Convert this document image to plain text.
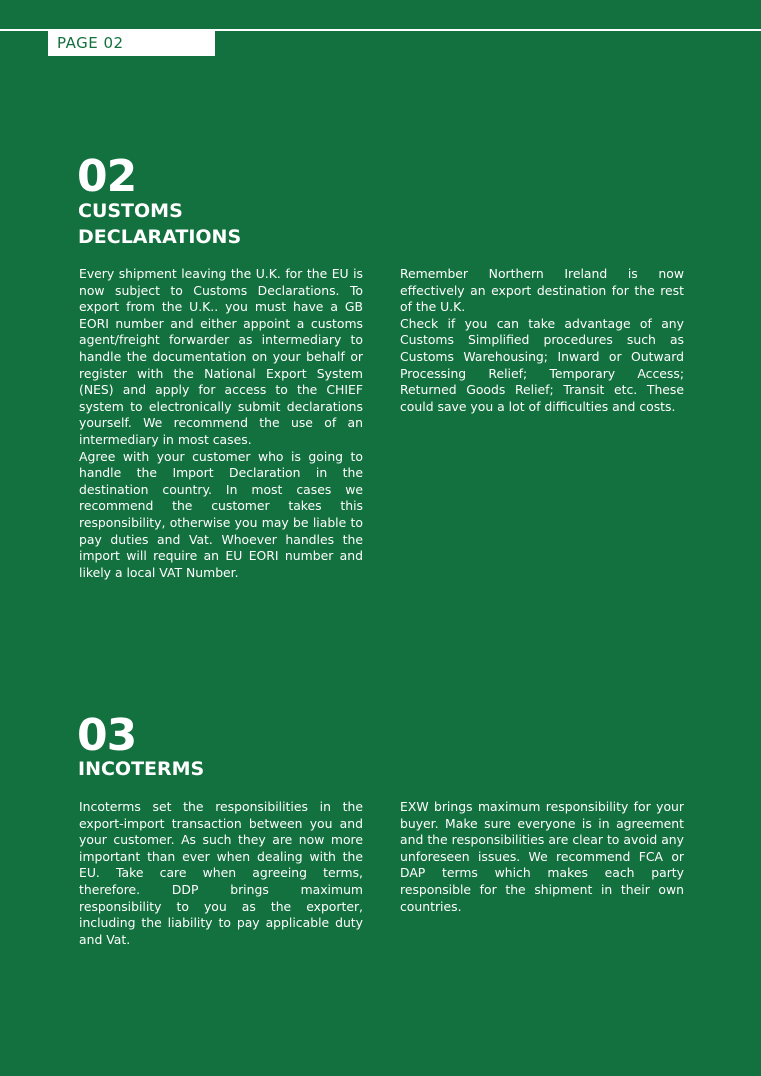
PAGE 02
02
CUSTOMS
DECLARATIONS

Every shipment leaving the U.K. for the EU is now subject to Customs Declarations. To export from the U.K.. you must have a GB EORI number and either appoint a customs agent/freight forwarder as intermediary to handle the documentation on your behalf or register with the National Export System (NES) and apply for access to the CHIEF system to electronically submit declarations yourself. We recommend the use of an intermediary in most cases.

Agree with your customer who is going to handle the Import Declaration in the destination country. In most cases we recommend the customer takes this responsibility, otherwise you may be liable to pay duties and Vat. Whoever handles the import will require an EU EORI number and likely a local VAT Number.

Remember Northern Ireland is now effectively an export destination for the rest of the U.K.

Check if you can take advantage of any Customs Simplified procedures such as Customs Warehousing; Inward or Outward Processing Relief; Temporary Access; Returned Goods Relief; Transit etc. These could save you a lot of difficulties and costs.

03
INCOTERMS

Incoterms set the responsibilities in the export-import transaction between you and your customer. As such they are now more important than ever when dealing with the EU. Take care when agreeing terms, therefore. DDP brings maximum responsibility to you as the exporter, including the liability to pay applicable duty and Vat.

EXW brings maximum responsibility for your buyer. Make sure everyone is in agreement and the responsibilities are clear to avoid any unforeseen issues. We recommend FCA or DAP terms which makes each party responsible for the shipment in their own countries.
